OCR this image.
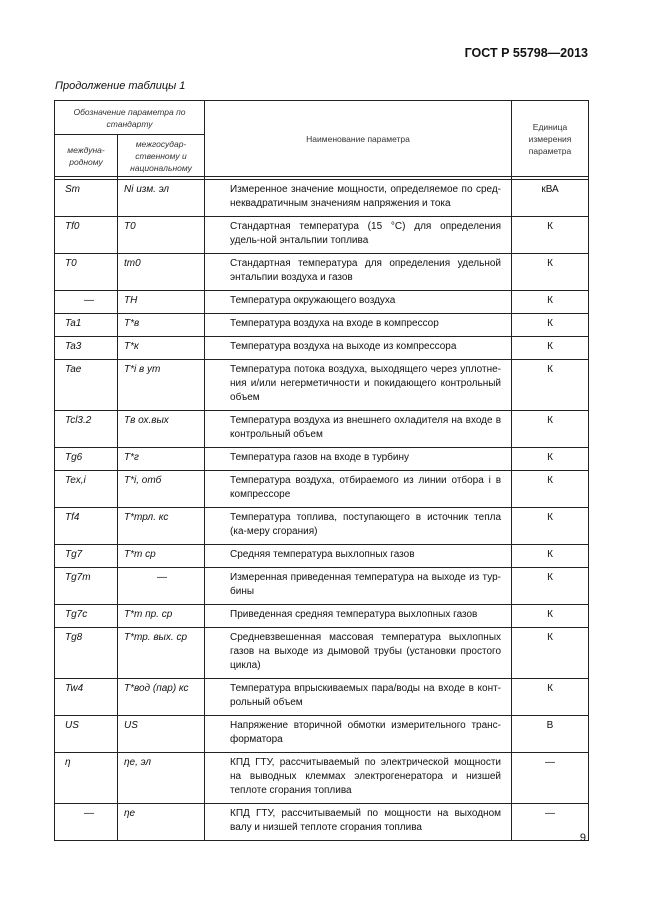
ГОСТ Р 55798—2013
Продолжение таблицы 1
Обозначение параметра по стандарту		Наименование параметра	Единица измерения параметра
междуна-родному	межгосудар-ственному и национальному		

Sm	Ni изм. эл	Измеренное значение мощности, определяемое по сред-неквадратичным значениям напряжения и тока	кВА
Tf0	T0	Стандартная температура (15 °С) для определения удель-ной энтальпии топлива	К
T0	tm0	Стандартная температура для определения удельной энтальпии воздуха и газов	К
—	TH	Температура окружающего воздуха	К
Ta1	T*в	Температура воздуха на входе в компрессор	К
Ta3	T*к	Температура воздуха на выходе из компрессора	К
Tae	T*i в ут	Температура потока воздуха, выходящего через уплотне-ния и/или негерметичности и покидающего контрольный объем	К
Tcl3.2	Tв ох.вых	Температура воздуха из внешнего охладителя на входе в контрольный объем	К
Tg6	T*г	Температура газов на входе в турбину	К
Tex,i	T*i, отб	Температура воздуха, отбираемого из линии отбора i в компрессоре	К
Tf4	T*трл. кс	Температура топлива, поступающего в источник тепла (ка-меру сгорания)	К
Tg7	T*т ср	Средняя температура выхлопных газов	К
Tg7m	—	Измеренная приведенная температура на выходе из тур-бины	К
Tg7c	T*т пр. ср	Приведенная средняя температура выхлопных газов	К
Tg8	T*тр. вых. ср	Средневзвешенная массовая температура выхлопных газов на выходе из дымовой трубы (установки простого цикла)	К
Tw4	T*вод (пар) кс	Температура впрыскиваемых пара/воды на входе в конт-рольный объем	К
US	US	Напряжение вторичной обмотки измерительного транс-форматора	В
η	ηе, эл	КПД ГТУ, рассчитываемый по электрической мощности на выводных клеммах электрогенератора и низшей теплоте сгорания топлива	—
—	ηе	КПД ГТУ, рассчитываемый по мощности на выходном валу и низшей теплоте сгорания топлива	—
9
